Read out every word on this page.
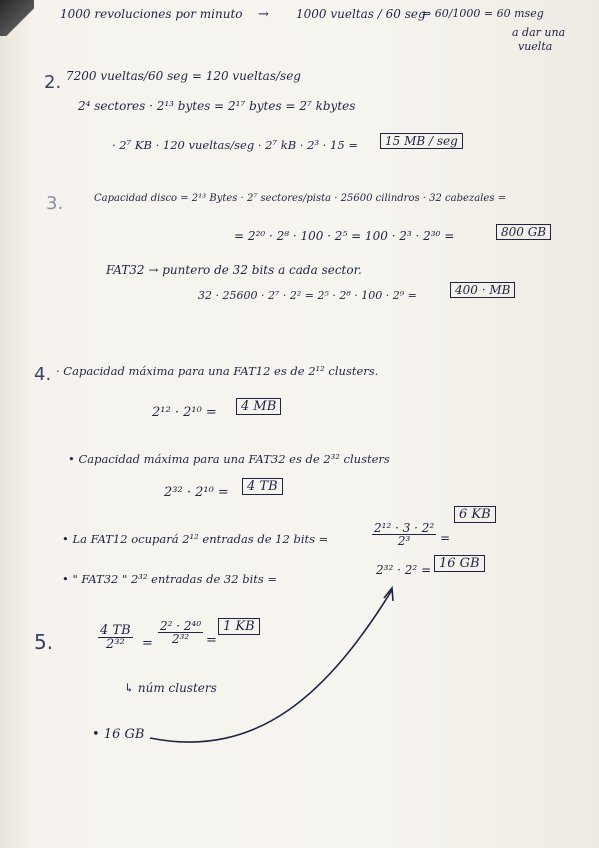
1000 revoluciones por minuto → 1000 vueltas / 60 seg
⇒ 60/1000 = 60 mseg
a dar una
vuelta
2. 7200 vueltas/60 seg = 120 vueltas/seg
2⁴ sectores · 2¹³ bytes = 2¹⁷ bytes = 2⁷ kbytes
· 2⁷ KB · 120 vueltas/seg · 2⁷ kB · 2³ · 15 =	15 MB / seg
3.	Capacidad disco = 2¹³ Bytes · 2⁷ sectores/pista · 25600 cilindros · 32 cabezales =
= 2²⁰ · 2⁸ · 100 · 2⁵ = 100 · 2³ · 2³⁰ =	800 GB
FAT32 → puntero de 32 bits a cada sector.
32 · 25600 · 2⁷ · 2² = 2⁵ · 2⁸ · 100 · 2⁹ =	400 · MB
4. · Capacidad máxima para una FAT12 es de 2¹² clusters.
2¹² · 2¹⁰ =	4 MB
• Capacidad máxima para una FAT32 es de 2³² clusters
2³² · 2¹⁰ =	4 TB
• La FAT12 ocupará 2¹² entradas de 12 bits =	$\frac{\text{2¹² · 3 · 2²}}{\text{2³}}$ =
6 KB
• " FAT32 " 2³² entradas de 32 bits =
2³² · 2² = 16 GB
5.	$\frac{4 TB}{\text{2³²}} = \frac{\text{2² · 2⁴⁰}}{\text{2³²}}$ =
1 KB
↳ núm clusters
• 16 GB
